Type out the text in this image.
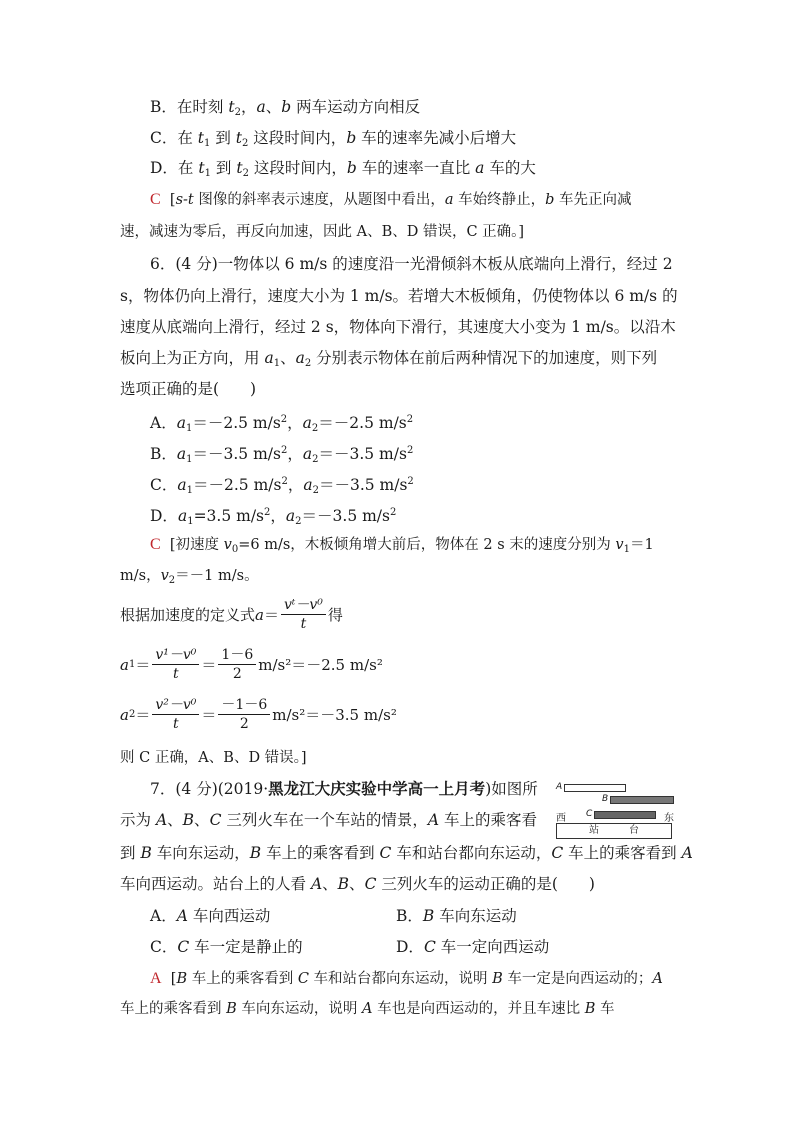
B．在时刻 $t_2$，a、b 两车运动方向相反
C．在 $t_1$ 到 $t_2$ 这段时间内，b 车的速率先减小后增大
D．在 $t_1$ 到 $t_2$ 这段时间内，b 车的速率一直比 a 车的大
C [s-t 图像的斜率表示速度，从题图中看出，a 车始终静止，b 车先正向减
速，减速为零后，再反向加速，因此 A、B、D 错误，C 正确。]
6．(4 分)一物体以 6 m/s 的速度沿一光滑倾斜木板从底端向上滑行，经过 2
s，物体仍向上滑行，速度大小为 1 m/s。若增大木板倾角，仍使物体以 6 m/s 的
速度从底端向上滑行，经过 2 s，物体向下滑行，其速度大小变为 1 m/s。以沿木
板向上为正方向，用 $a_1$、$a_2$ 分别表示物体在前后两种情况下的加速度，则下列
选项正确的是(　　)
A．$a_1=-2.5$ $m/s^2$，$a_2=-2.5$ $m/s^2$
B．$a_1=-3.5$ $m/s^2$，$a_2=-3.5$ $m/s^2$
C．$a_1=-2.5$ $m/s^2$，$a_2=-3.5$ $m/s^2$
D．$a_1=3.5$ $m/s^2$，$a_2=-3.5$ $m/s^2$
C [初速度 $v_0=6$ m/s，木板倾角增大前后，物体在 2 s 末的速度分别为 $v_1=1$
m/s，$v_2=-1$ m/s。
根据加速度的定义式 $a = \frac{\text{vᵗ－v⁰}}{t}$ 得
a $1 = \frac{\text{v¹－v⁰}}{t} = \frac{1-6}{2} m/s^2=-2.5$ m/s²
a $2 = \frac{\text{v²－v⁰}}{t} = \frac{-1-6}{2} m/s^2=-3.5$ m/s²
则 C 正确，A、B、D 错误。]
7．(4 分)(2019·黑龙江大庆实验中学高一上月考)如图所
示为 A、B、C 三列火车在一个车站的情景，A 车上的乘客看
到 B 车向东运动，B 车上的乘客看到 C 车和站台都向东运动，C 车上的乘客看到 A
车向西运动。站台上的人看 A、B、C 三列火车的运动正确的是(　　)
A．A 车向西运动	B．B 车向东运动
C．C 车一定是静止的	D．C 车一定向西运动
A [B 车上的乘客看到 C 车和站台都向东运动，说明 B 车一定是向西运动的；A
车上的乘客看到 B 车向东运动，说明 A 车也是向西运动的，并且车速比 B 车
A
B
西 C	东
站　　　台
